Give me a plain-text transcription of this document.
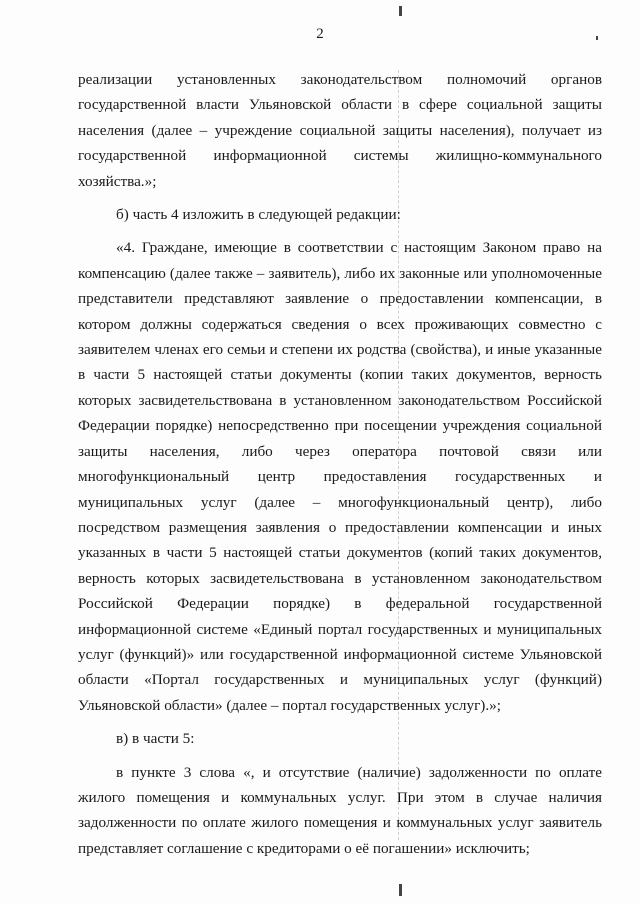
2

реализации установленных законодательством полномочий органов государственной власти Ульяновской области в сфере социальной защиты населения (далее – учреждение социальной защиты населения), получает из государственной информационной системы жилищно-коммунального хозяйства.»;

б) часть 4 изложить в следующей редакции:

«4. Граждане, имеющие в соответствии с настоящим Законом право на компенсацию (далее также – заявитель), либо их законные или уполномоченные представители представляют заявление о предоставлении компенсации, в котором должны содержаться сведения о всех проживающих совместно с заявителем членах его семьи и степени их родства (свойства), и иные указанные в части 5 настоящей статьи документы (копии таких документов, верность которых засвидетельствована в установленном законодательством Российской Федерации порядке) непосредственно при посещении учреждения социальной защиты населения, либо через оператора почтовой связи или многофункциональный центр предоставления государственных и муниципальных услуг (далее – многофункциональный центр), либо посредством размещения заявления о предоставлении компенсации и иных указанных в части 5 настоящей статьи документов (копий таких документов, верность которых засвидетельствована в установленном законодательством Российской Федерации порядке) в федеральной государственной информационной системе «Единый портал государственных и муниципальных услуг (функций)» или государственной информационной системе Ульяновской области «Портал государственных и муниципальных услуг (функций) Ульяновской области» (далее – портал государственных услуг).»;

в) в части 5:

в пункте 3 слова «, и отсутствие (наличие) задолженности по оплате жилого помещения и коммунальных услуг. При этом в случае наличия задолженности по оплате жилого помещения и коммунальных услуг заявитель представляет соглашение с кредиторами о её погашении» исключить;
